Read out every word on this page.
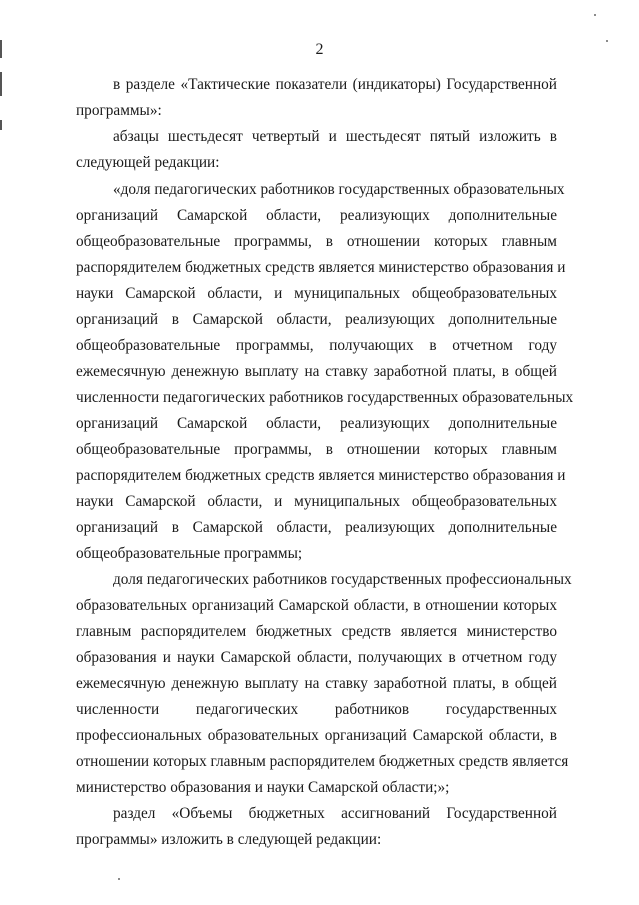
2
в разделе «Тактические показатели (индикаторы) Государственной
программы»:
абзацы шестьдесят четвертый и шестьдесят пятый изложить в
следующей редакции:
«доля педагогических работников государственных образовательных
организаций Самарской области, реализующих дополнительные
общеобразовательные программы, в отношении которых главным
распорядителем бюджетных средств является министерство образования и
науки Самарской области, и муниципальных общеобразовательных
организаций в Самарской области, реализующих дополнительные
общеобразовательные программы, получающих в отчетном году
ежемесячную денежную выплату на ставку заработной платы, в общей
численности педагогических работников государственных образовательных
организаций Самарской области, реализующих дополнительные
общеобразовательные программы, в отношении которых главным
распорядителем бюджетных средств является министерство образования и
науки Самарской области, и муниципальных общеобразовательных
организаций в Самарской области, реализующих дополнительные
общеобразовательные программы;
доля педагогических работников государственных профессиональных
образовательных организаций Самарской области, в отношении которых
главным распорядителем бюджетных средств является министерство
образования и науки Самарской области, получающих в отчетном году
ежемесячную денежную выплату на ставку заработной платы, в общей
численности педагогических работников государственных
профессиональных образовательных организаций Самарской области, в
отношении которых главным распорядителем бюджетных средств является
министерство образования и науки Самарской области;»;
раздел «Объемы бюджетных ассигнований Государственной
программы» изложить в следующей редакции:
